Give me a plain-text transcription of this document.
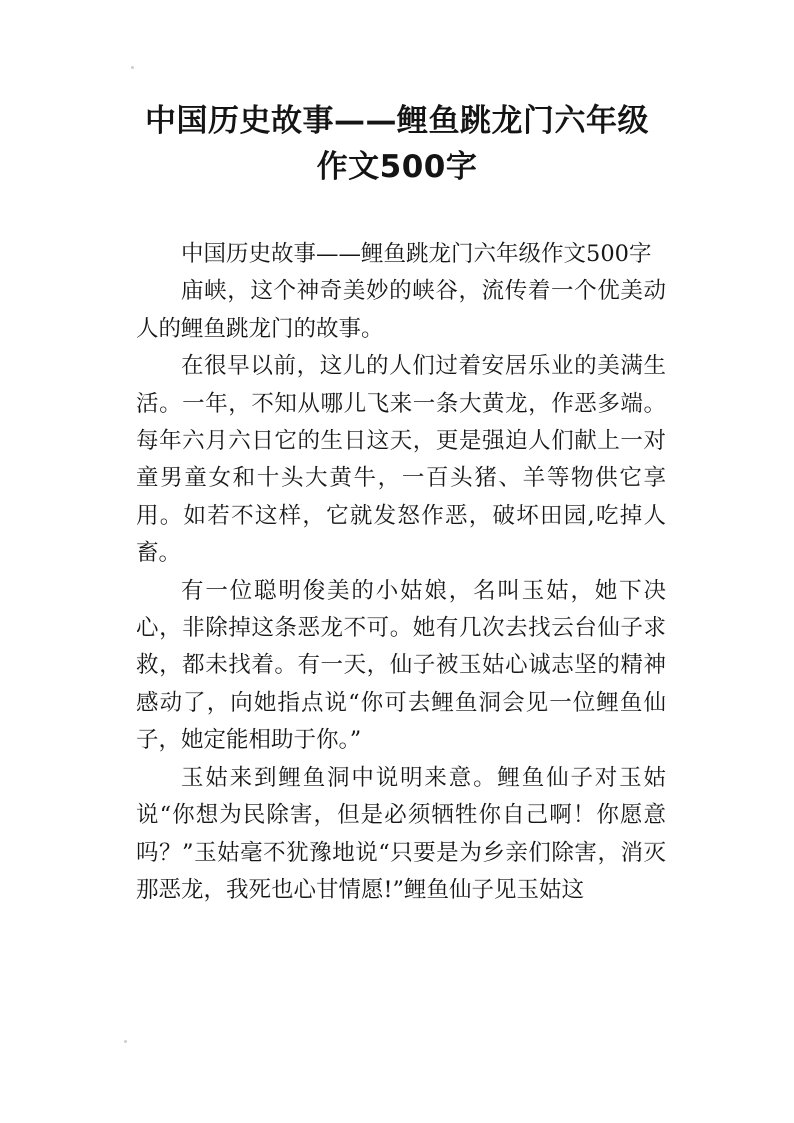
中国历史故事——鲤鱼跳龙门六年级
作文500字

中国历史故事——鲤鱼跳龙门六年级作文500字

庙峡，这个神奇美妙的峡谷，流传着一个优美动人的鲤鱼跳龙门的故事。

在很早以前，这儿的人们过着安居乐业的美满生活。一年，不知从哪儿飞来一条大黄龙，作恶多端。每年六月六日它的生日这天，更是强迫人们献上一对童男童女和十头大黄牛，一百头猪、羊等物供它享用。如若不这样，它就发怒作恶，破坏田园,吃掉人畜。

有一位聪明俊美的小姑娘，名叫玉姑，她下决心，非除掉这条恶龙不可。她有几次去找云台仙子求救，都未找着。有一天，仙子被玉姑心诚志坚的精神感动了，向她指点说“你可去鲤鱼洞会见一位鲤鱼仙子，她定能相助于你。”

玉姑来到鲤鱼洞中说明来意。鲤鱼仙子对玉姑说“你想为民除害，但是必须牺牲你自己啊！你愿意吗？”玉姑毫不犹豫地说“只要是为乡亲们除害，消灭那恶龙，我死也心甘情愿!”鲤鱼仙子见玉姑这
